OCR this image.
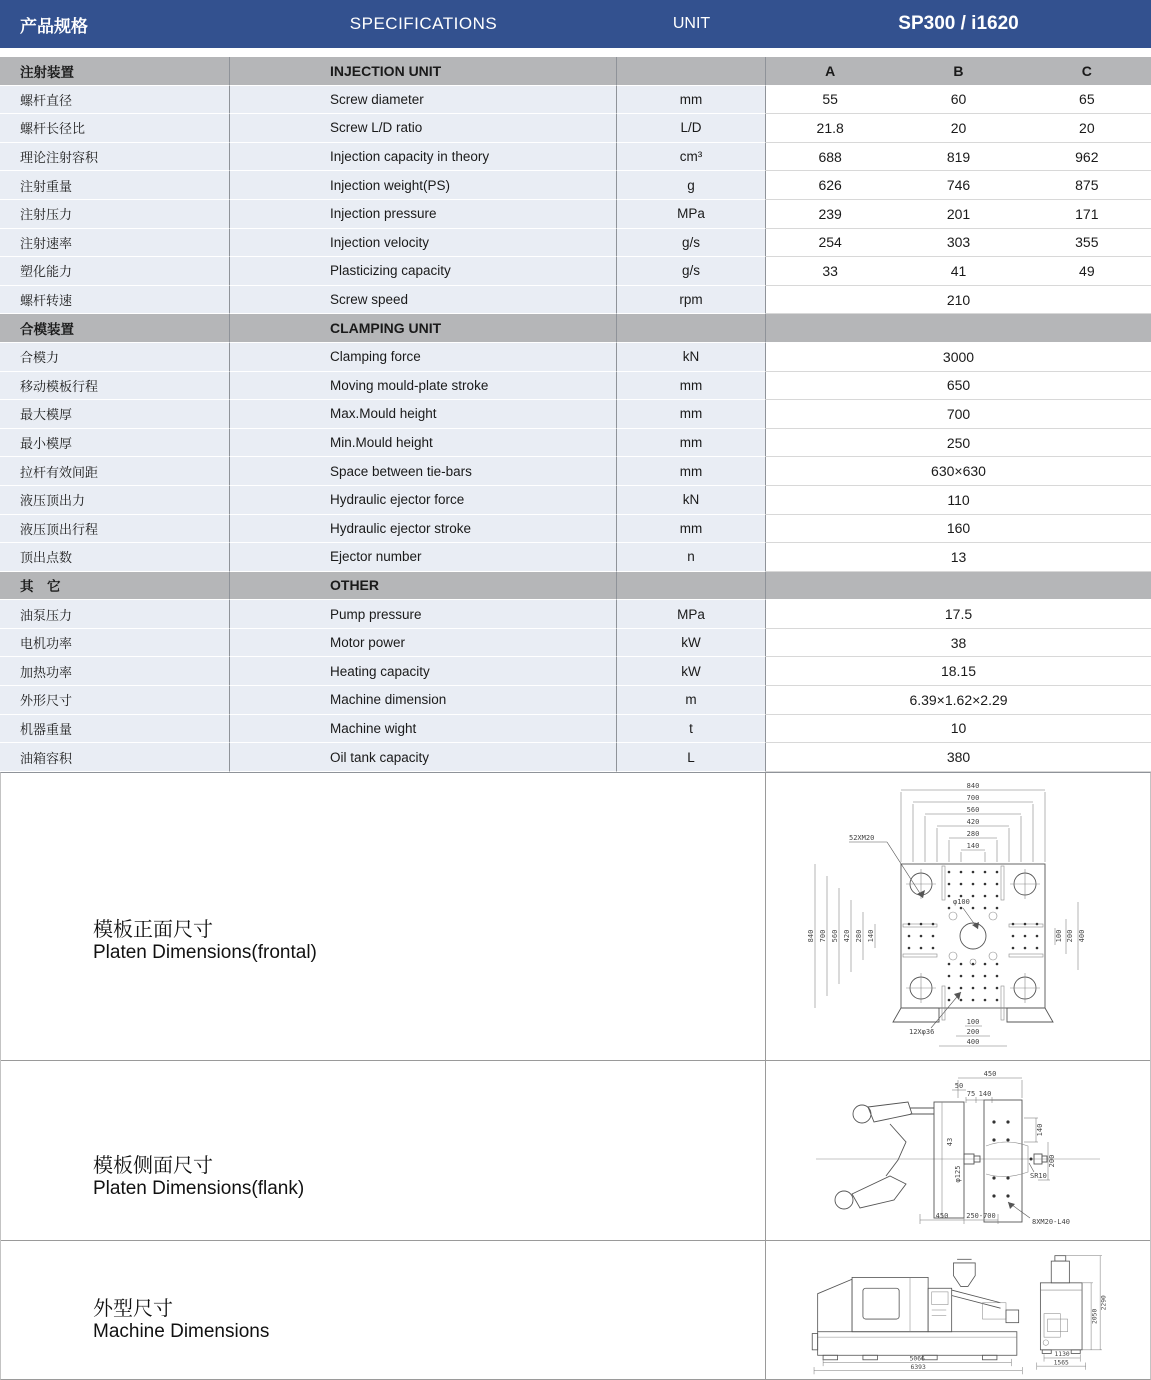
产品规格	SPECIFICATIONS	UNIT	SP300 / i1620
注射装置	INJECTION UNIT	A	B	C
螺杆直径	Screw diameter	mm	55	60	65
螺杆长径比	Screw L/D ratio	L/D	21.8	20	20
理论注射容积	Injection capacity in theory	cm³	688	819	962
注射重量	Injection weight(PS)	g	626	746	875
注射压力	Injection pressure	MPa	239	201	171
注射速率	Injection velocity	g/s	254	303	355
塑化能力	Plasticizing capacity	g/s	33	41	49
螺杆转速	Screw speed	rpm	210
合模装置	CLAMPING UNIT
合模力	Clamping force	kN	3000
移动模板行程	Moving mould-plate stroke	mm	650
最大模厚	Max.Mould height	mm	700
最小模厚	Min.Mould height	mm	250
拉杆有效间距	Space between tie-bars	mm	630×630
液压顶出力	Hydraulic ejector force	kN	110
液压顶出行程	Hydraulic ejector stroke	mm	160
顶出点数	Ejector number	n	13
其　它	OTHER
油泵压力	Pump pressure	MPa	17.5
电机功率	Motor power	kW	38
加热功率	Heating capacity	kW	18.15
外形尺寸	Machine dimension	m	6.39×1.62×2.29
机器重量	Machine wight	t	10
油箱容积	Oil tank capacity	L	380
模板正面尺寸
Platen Dimensions(frontal)
840
700
560
420
280
140
840 700 560 420 280 140	100 200 400
100
200
400
52XM20
φ100
12Xφ36
模板侧面尺寸
Platen Dimensions(flank)
450
50
75 140
140
200
SR10
φ125
43
450	250-700
8XM20-L40
外型尺寸
Machine Dimensions
5066
6393
1130
1565
2050
2290
